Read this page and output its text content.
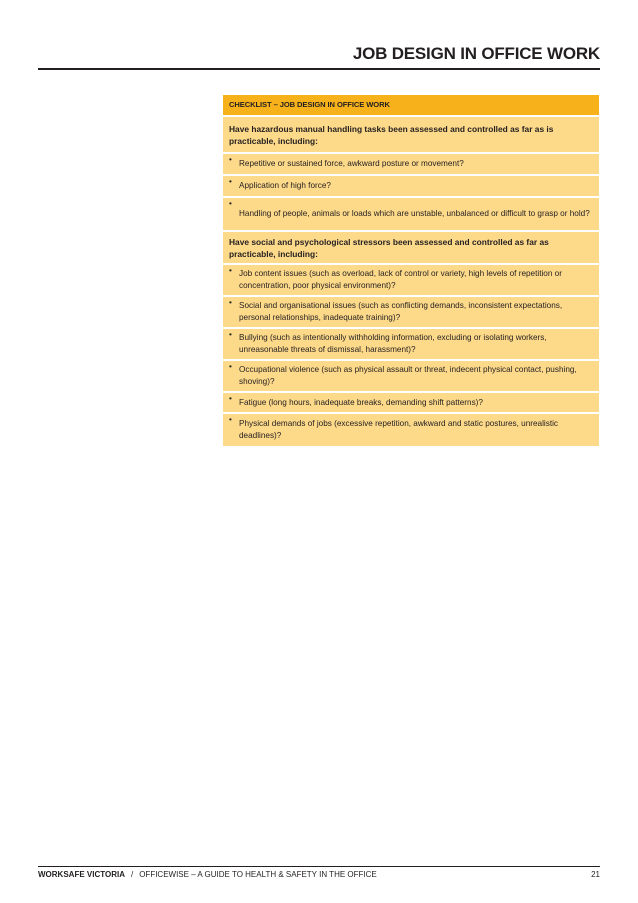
JOB DESIGN IN OFFICE WORK
CHECKLIST – JOB DESIGN IN OFFICE WORK
Have hazardous manual handling tasks been assessed and controlled as far as is practicable, including:
• Repetitive or sustained force, awkward posture or movement?
• Application of high force?
•
Handling of people, animals or loads which are unstable, unbalanced or difficult to grasp or hold?
Have social and psychological stressors been assessed and controlled as far as practicable, including:
• Job content issues (such as overload, lack of control or variety, high levels of repetition or concentration, poor physical environment)?
• Social and organisational issues (such as conflicting demands, inconsistent expectations, personal relationships, inadequate training)?
• Bullying (such as intentionally withholding information, excluding or isolating workers, unreasonable threats of dismissal, harassment)?
• Occupational violence (such as physical assault or threat, indecent physical contact, pushing, shoving)?
• Fatigue (long hours, inadequate breaks, demanding shift patterns)?
• Physical demands of jobs (excessive repetition, awkward and static postures, unrealistic deadlines)?
WORKSAFE VICTORIA / OFFICEWISE – A GUIDE TO HEALTH & SAFETY IN THE OFFICE	21
